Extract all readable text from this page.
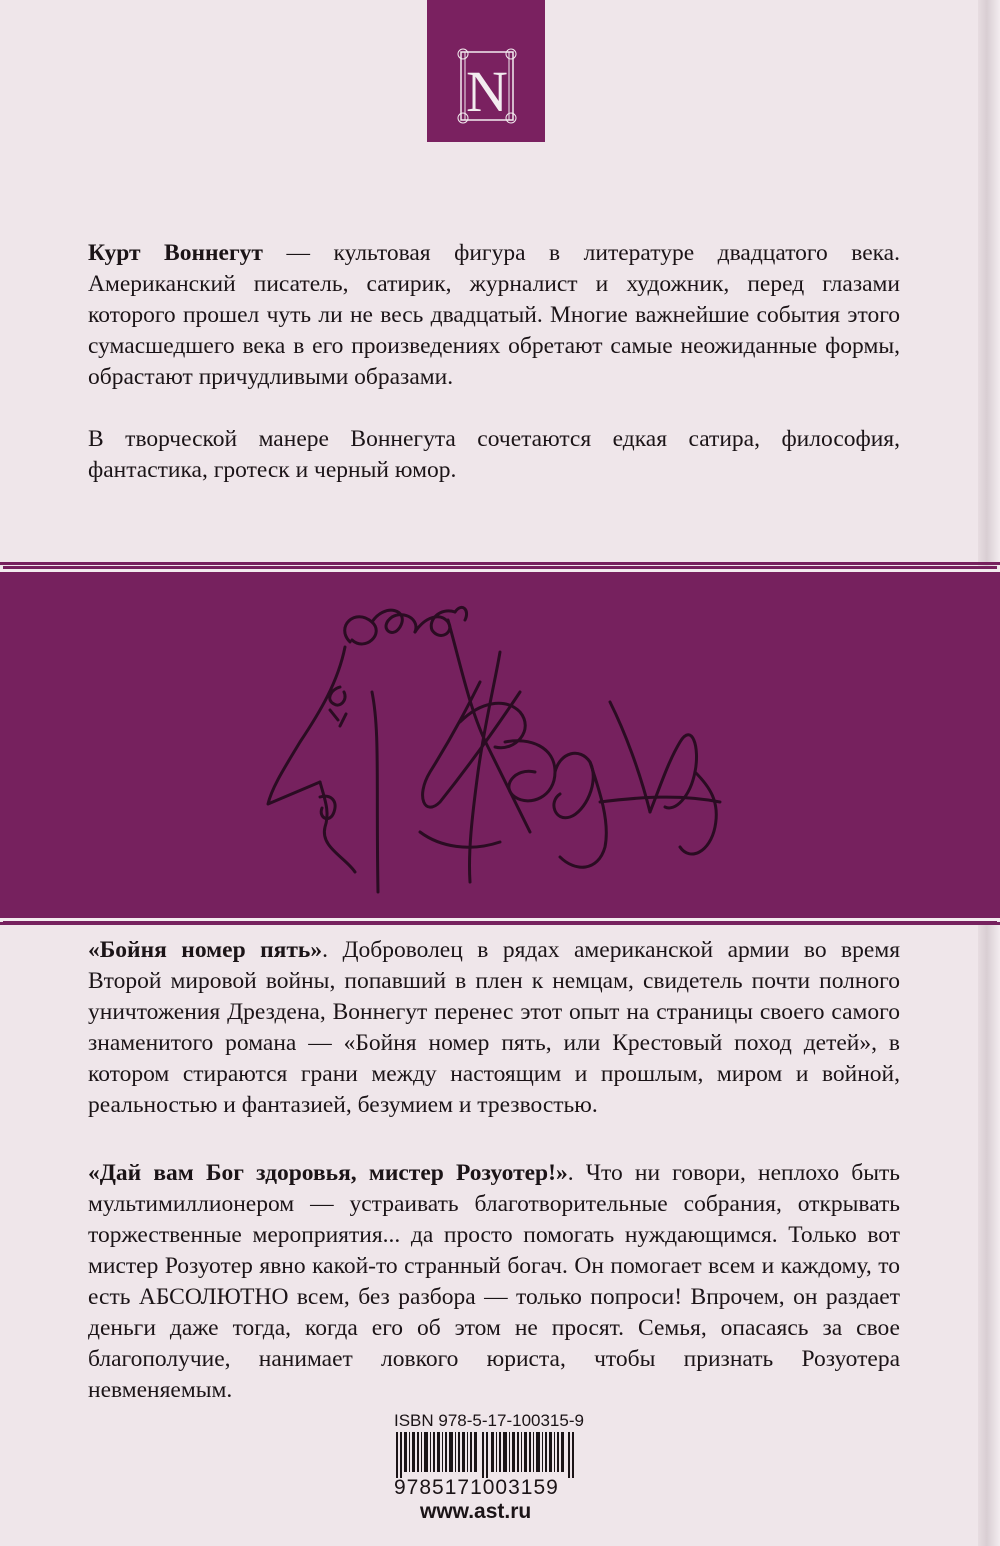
N

Курт Воннегут — культовая фигура в литературе двадцатого века. Американский писатель, сатирик, журналист и художник, перед глазами которого прошел чуть ли не весь двадцатый. Многие важнейшие события этого сумасшедшего века в его произведениях обретают самые неожиданные формы, обрастают причудливыми образами.

В творческой манере Воннегута сочетаются едкая сатира, философия, фантастика, гротеск и черный юмор.

«Бойня номер пять». Доброволец в рядах американской армии во время Второй мировой войны, попавший в плен к немцам, свидетель почти полного уничтожения Дрездена, Воннегут перенес этот опыт на страницы своего самого знаменитого романа — «Бойня номер пять, или Крестовый поход детей», в котором стираются грани между настоящим и прошлым, миром и войной, реальностью и фантазией, безумием и трезвостью.

«Дай вам Бог здоровья, мистер Розуотер!». Что ни говори, неплохо быть мультимиллионером — устраивать благотворительные собрания, открывать торжественные мероприятия... да просто помогать нуждающимся. Только вот мистер Розуотер явно какой-то странный богач. Он помогает всем и каждому, то есть АБСОЛЮТНО всем, без разбора — только попроси! Впрочем, он раздает деньги даже тогда, когда его об этом не просят. Семья, опасаясь за свое благополучие, нанимает ловкого юриста, чтобы признать Розуотера невменяемым.

ISBN 978-5-17-100315-9
9785171003159
www.ast.ru
